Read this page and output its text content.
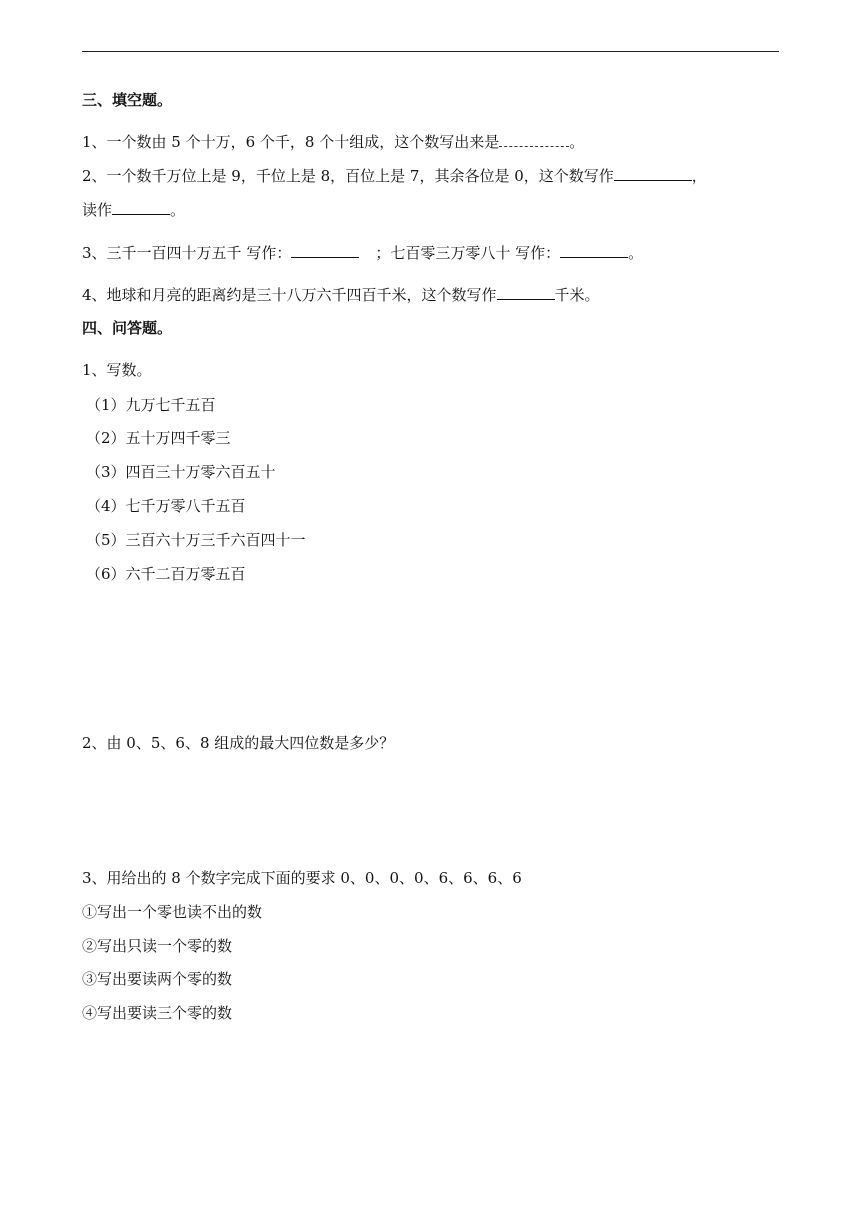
三、填空题。
1、一个数由 5 个十万，6 个千，8 个十组成，这个数写出来是	。
2、一个数千万位上是 9，千位上是 8，百位上是 7，其余各位是 0，这个数写作	，
读作	。
3、三千一百四十万五千 写作：	；七百零三万零八十 写作：	。
4、地球和月亮的距离约是三十八万六千四百千米，这个数写作	千米。
四、问答题。
1、写数。
（1）九万七千五百
（2）五十万四千零三
（3）四百三十万零六百五十
（4）七千万零八千五百
（5）三百六十万三千六百四十一
（6）六千二百万零五百
2、由 0、5、6、8 组成的最大四位数是多少？
3、用给出的 8 个数字完成下面的要求 0、0、0、0、6、6、6、6
①写出一个零也读不出的数
②写出只读一个零的数
③写出要读两个零的数
④写出要读三个零的数
